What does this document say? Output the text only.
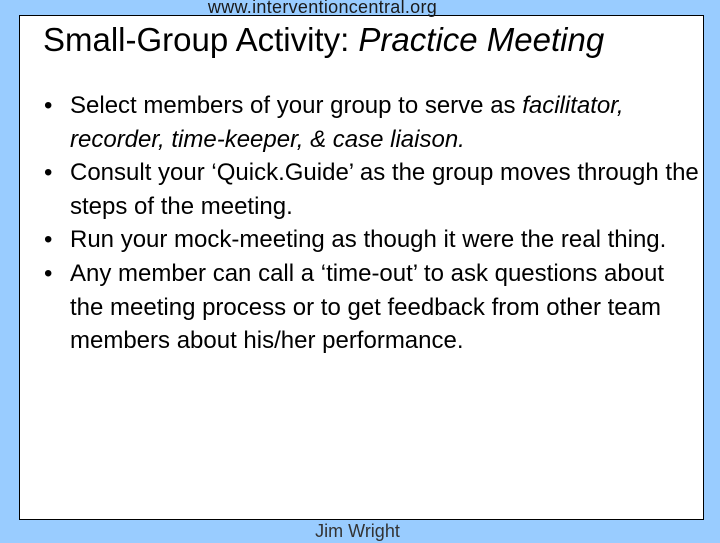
www.interventioncentral.org
Small-Group Activity: Practice Meeting
• Select members of your group to serve as facilitator, recorder, time-keeper, & case liaison.
• Consult your ‘Quick.Guide’ as the group moves through the steps of the meeting.
• Run your mock-meeting as though it were the real thing.
• Any member can call a ‘time-out’ to ask questions about the meeting process or to get feedback from other team members about his/her performance.
Jim Wright
